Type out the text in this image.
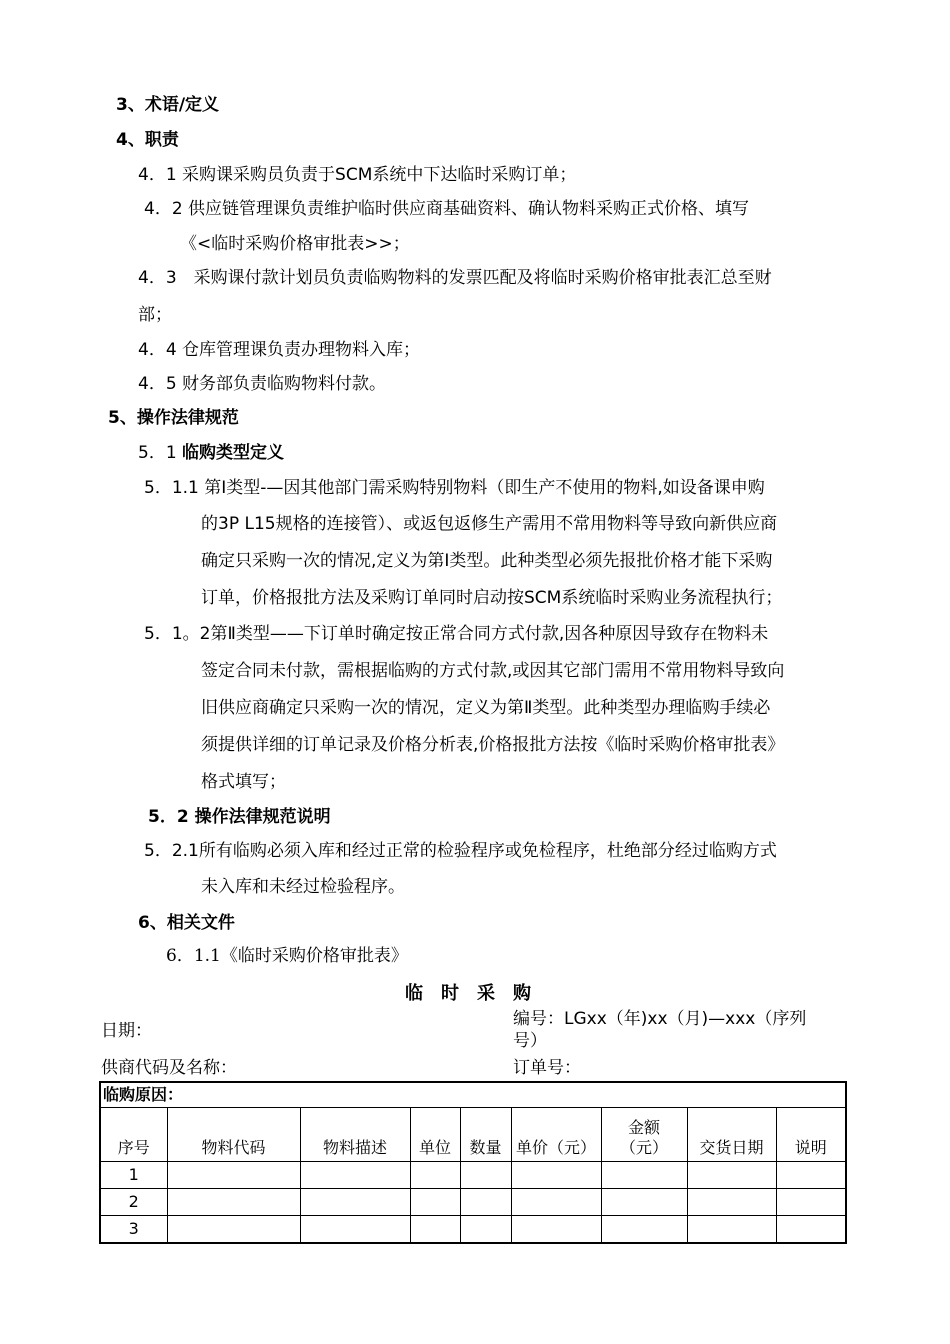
3、术语/定义
4、职责
4．1 采购课采购员负责于SCM系统中下达临时采购订单；
4．2 供应链管理课负责维护临时供应商基础资料、确认物料采购正式价格、填写
《<临时采购价格审批表>>；
4．3　采购课付款计划员负责临购物料的发票匹配及将临时采购价格审批表汇总至财
部；
4．4 仓库管理课负责办理物料入库；
4．5 财务部负责临购物料付款。
5、操作法律规范
5．1 临购类型定义
5．1.1 第Ⅰ类型-—因其他部门需采购特别物料（即生产不使用的物料,如设备课申购
的3P L15规格的连接管）、或返包返修生产需用不常用物料等导致向新供应商
确定只采购一次的情况,定义为第Ⅰ类型。此种类型必须先报批价格才能下采购
订单，价格报批方法及采购订单同时启动按SCM系统临时采购业务流程执行；
5．1。2第Ⅱ类型——下订单时确定按正常合同方式付款,因各种原因导致存在物料未
签定合同未付款，需根据临购的方式付款,或因其它部门需用不常用物料导致向
旧供应商确定只采购一次的情况，定义为第Ⅱ类型。此种类型办理临购手续必
须提供详细的订单记录及价格分析表,价格报批方法按《临时采购价格审批表》
格式填写；
5．2 操作法律规范说明
5．2.1所有临购必须入库和经过正常的检验程序或免检程序，杜绝部分经过临购方式
未入库和未经过检验程序。
6、相关文件
6．1.1《临时采购价格审批表》
临时采购
日期：
编号：LGxx（年)xx（月)—xxx（序列
号）
供商代码及名称：	订单号：
临购原因：								
序号	物料代码	物料描述	单位	数量	单价（元）	金额
（元）	交货日期	说明
1								
2								
3								
